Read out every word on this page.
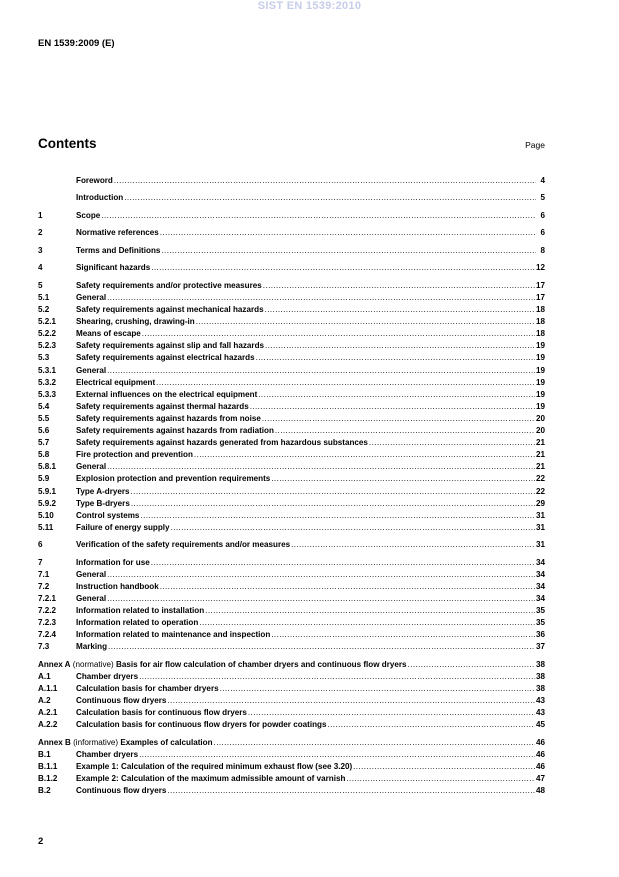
SIST EN 1539:2010
EN 1539:2009 (E)
Contents	Page
Foreword .....	4
Introduction .....	5
1	Scope .....	6
2	Normative references .....	6
3	Terms and Definitions .....	8
4	Significant hazards .....	12
5	Safety requirements and/or protective measures .....	17
5.1	General .....	17
5.2	Safety requirements against mechanical hazards .....	18
5.2.1	Shearing, crushing, drawing-in .....	18
5.2.2	Means of escape .....	18
5.2.3	Safety requirements against slip and fall hazards .....	19
5.3	Safety requirements against electrical hazards .....	19
5.3.1	General .....	19
5.3.2	Electrical equipment .....	19
5.3.3	External influences on the electrical equipment .....	19
5.4	Safety requirements against thermal hazards .....	19
5.5	Safety requirements against hazards from noise .....	20
5.6	Safety requirements against hazards from radiation .....	20
5.7	Safety requirements against hazards generated from hazardous substances .....	21
5.8	Fire protection and prevention .....	21
5.8.1	General .....	21
5.9	Explosion protection and prevention requirements .....	22
5.9.1	Type A-dryers .....	22
5.9.2	Type B-dryers .....	29
5.10	Control systems .....	31
5.11	Failure of energy supply .....	31
6	Verification of the safety requirements and/or measures .....	31
7	Information for use .....	34
7.1	General .....	34
7.2	Instruction handbook .....	34
7.2.1	General .....	34
7.2.2	Information related to installation .....	35
7.2.3	Information related to operation .....	35
7.2.4	Information related to maintenance and inspection .....	36
7.3	Marking .....	37
Annex A (normative) Basis for air flow calculation of chamber dryers and continuous flow dryers .....	38
A.1	Chamber dryers .....	38
A.1.1	Calculation basis for chamber dryers .....	38
A.2	Continuous flow dryers .....	43
A.2.1	Calculation basis for continuous flow dryers .....	43
A.2.2	Calculation basis for continuous flow dryers for powder coatings .....	45
Annex B (informative) Examples of calculation .....	46
B.1	Chamber dryers .....	46
B.1.1	Example 1: Calculation of the required minimum exhaust flow (see 3.20) .....	46
B.1.2	Example 2: Calculation of the maximum admissible amount of varnish .....	47
B.2	Continuous flow dryers .....	48
2
